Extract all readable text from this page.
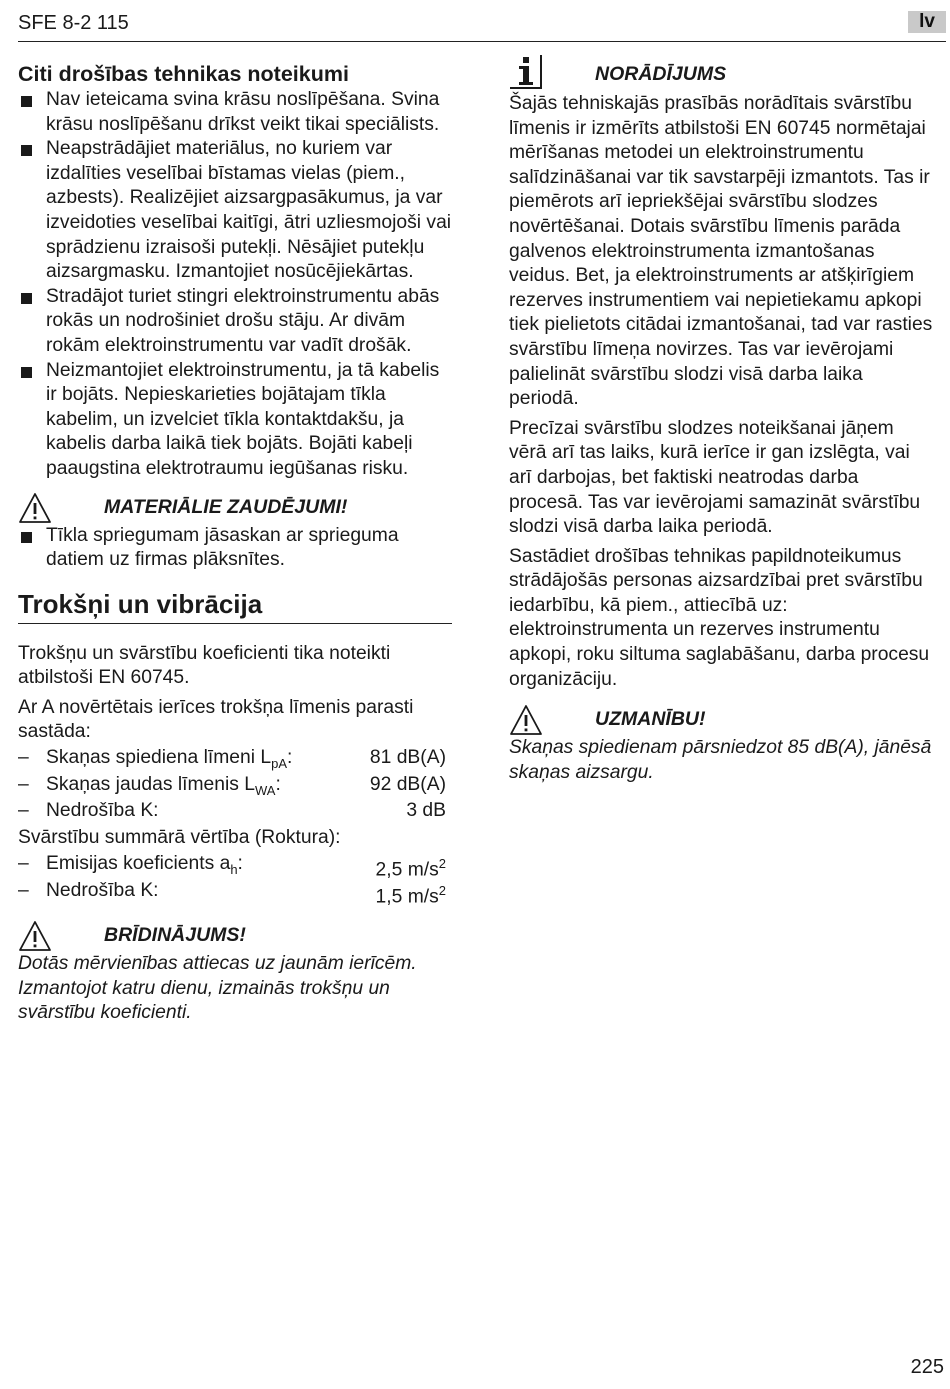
SFE 8-2 115	lv
Citi drošības tehnikas noteikumi
Nav ieteicama svina krāsu noslīpēšana. Svina krāsu noslīpēšanu drīkst veikt tikai speciālists.
Neapstrādājiet materiālus, no kuriem var izdalīties veselībai bīstamas vielas (piem., azbests). Realizējiet aizsargpasākumus, ja var izveidoties veselībai kaitīgi, ātri uzliesmojoši vai sprādzienu izraisoši putekļi. Nēsājiet putekļu aizsargmasku. Izmantojiet nosūcējiekārtas.
Stradājot turiet stingri elektroinstrumentu abās rokās un nodrošiniet drošu stāju. Ar divām rokām elektroinstrumentu var vadīt drošāk.
Neizmantojiet elektroinstrumentu, ja tā kabelis ir bojāts. Nepieskarieties bojātajam tīkla kabelim, un izvelciet tīkla kontaktdakšu, ja kabelis darba laikā tiek bojāts. Bojāti kabeļi paaugstina elektrotraumu iegūšanas risku.
MATERIĀLIE ZAUDĒJUMI!
Tīkla spriegumam jāsaskan ar sprieguma datiem uz firmas plāksnītes.
Trokšņi un vibrācija
Trokšņu un svārstību koeficienti tika noteikti atbilstoši EN 60745.
Ar A novērtētais ierīces trokšņa līmenis parasti sastāda:
– Skaņas spiediena līmeni $L_{pA}$:	81 dB(A)
– Skaņas jaudas līmenis $L_{WA}$:	92 dB(A)
– Nedrošība K:	3 dB
Svārstību summārā vērtība (Roktura):
– Emisijas koeficients $a_h$:	2,5 $m/s^2$
– Nedrošība K:	1,5 $m/s^2$
BRĪDINĀJUMS!
Dotās mērvienības attiecas uz jaunām ierīcēm. Izmantojot katru dienu, izmainās trokšņu un svārstību koeficienti.
NORĀDĪJUMS
Šajās tehniskajās prasībās norādītais svārstību līmenis ir izmērīts atbilstoši EN 60745 normētajai mērīšanas metodei un elektroinstrumentu salīdzināšanai var tik savstarpēji izmantots. Tas ir piemērots arī iepriekšējai svārstību slodzes novērtēšanai. Dotais svārstību līmenis parāda galvenos elektroinstrumenta izmantošanas veidus. Bet, ja elektroinstruments ar atšķirīgiem rezerves instrumentiem vai nepietiekamu apkopi tiek pielietots citādai izmantošanai, tad var rasties svārstību līmeņa novirzes. Tas var ievērojami palielināt svārstību slodzi visā darba laika periodā.
Precīzai svārstību slodzes noteikšanai jāņem vērā arī tas laiks, kurā ierīce ir gan izslēgta, vai arī darbojas, bet faktiski neatrodas darba procesā. Tas var ievērojami samazināt svārstību slodzi visā darba laika periodā.
Sastādiet drošības tehnikas papildnoteikumus strādājošās personas aizsardzībai pret svārstību iedarbību, kā piem., attiecībā uz: elektroinstrumenta un rezerves instrumentu apkopi, roku siltuma saglabāšanu, darba procesu organizāciju.
UZMANĪBU!
Skaņas spiedienam pārsniedzot 85 dB(A), jānēsā skaņas aizsargu.
225
